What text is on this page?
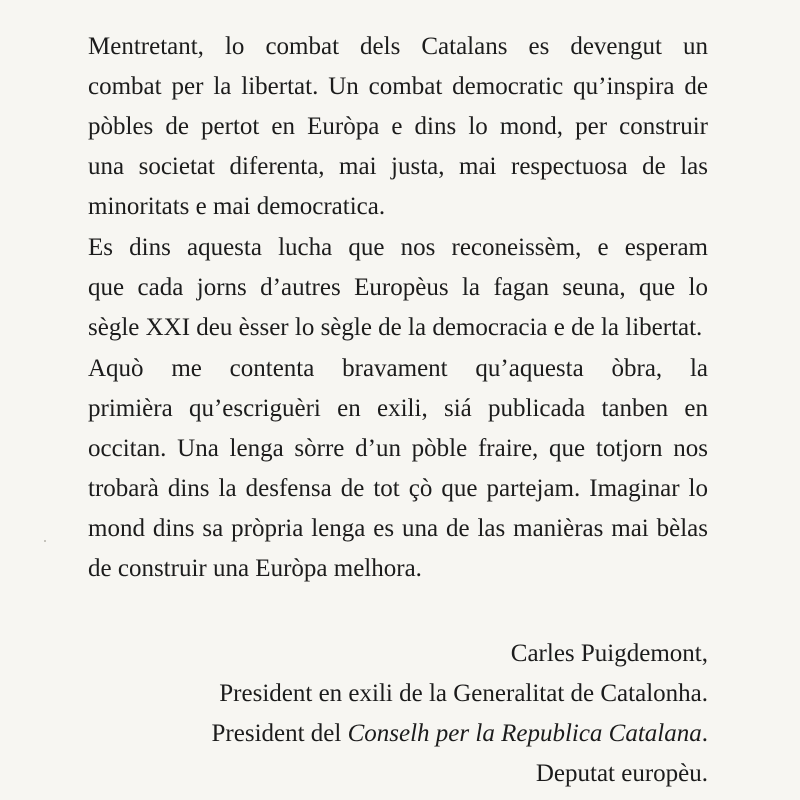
Mentretant, lo combat dels Catalans es devengut un
combat per la libertat. Un combat democratic qu’inspira de
pòbles de pertot en Euròpa e dins lo mond, per construir
una societat diferenta, mai justa, mai respectuosa de las
minoritats e mai democratica.
Es dins aquesta lucha que nos reconeissèm, e esperam
que cada jorns d’autres Europèus la fagan seuna, que lo
sègle XXI deu èsser lo sègle de la democracia e de la libertat.
Aquò me contenta bravament qu’aquesta òbra, la
primièra qu’escriguèri en exili, siá publicada tanben en
occitan. Una lenga sòrre d’un pòble fraire, que totjorn nos
trobarà dins la desfensa de tot çò que partejam. Imaginar lo
mond dins sa pròpria lenga es una de las manièras mai bèlas
de construir una Euròpa melhora.
Carles Puigdemont,
President en exili de la Generalitat de Catalonha.
President del Conselh per la Republica Catalana.
Deputat europèu.
